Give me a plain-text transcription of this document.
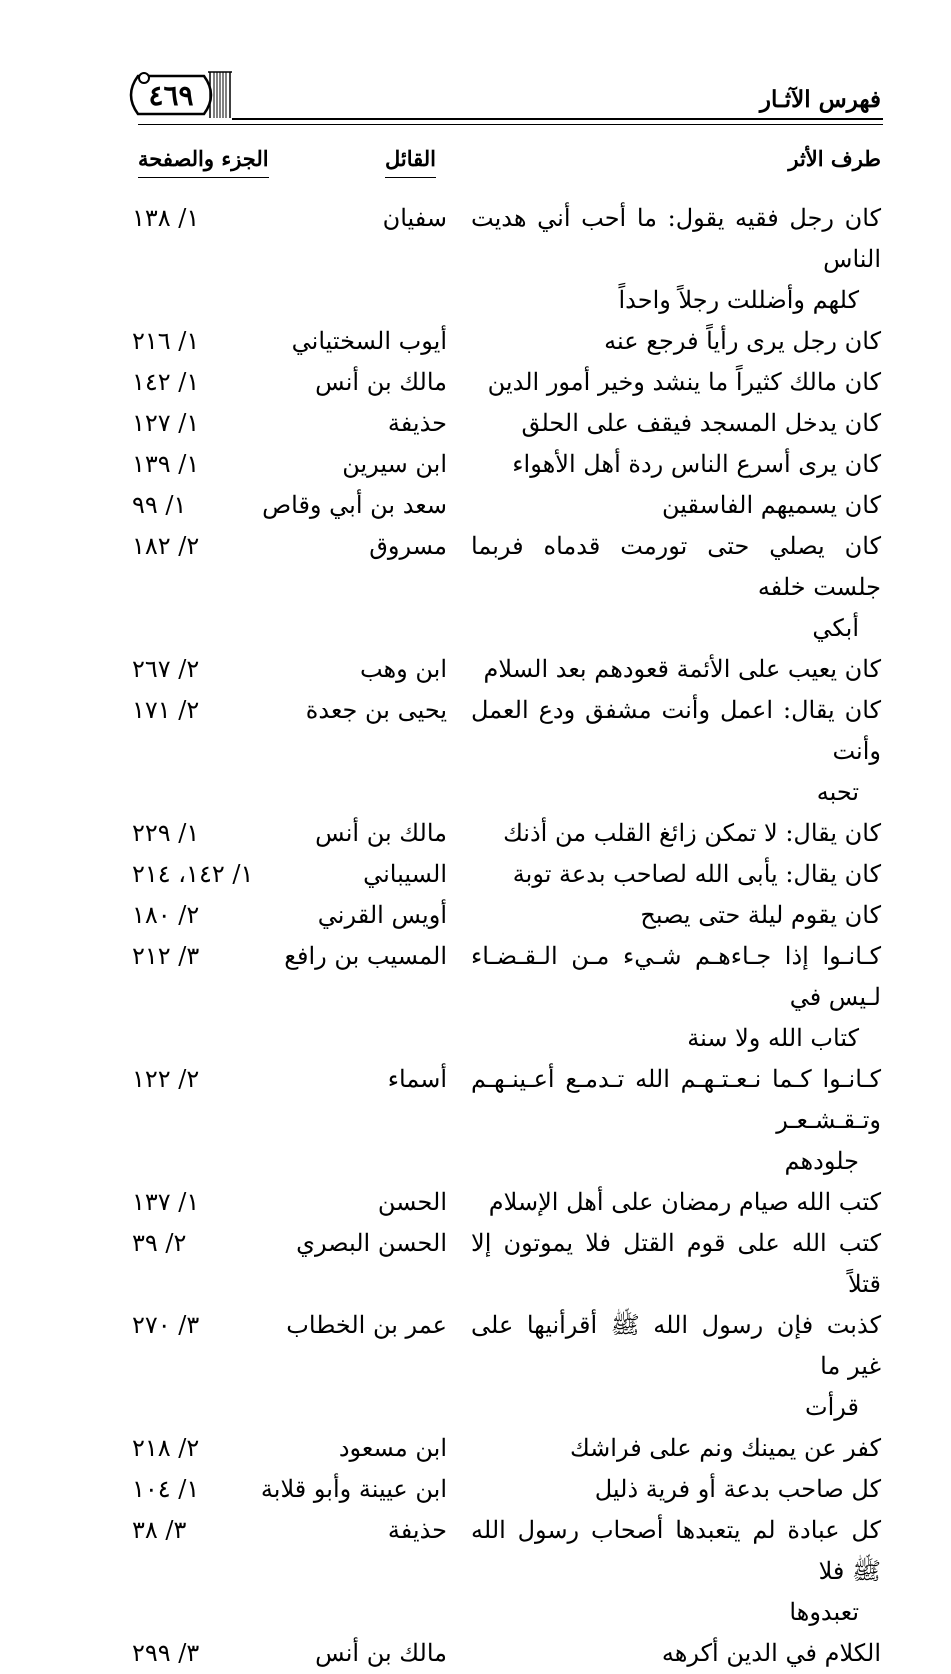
٤٦٩	فهرس الآثـار
طرف الأثر
القائل
الجزء والصفحة
كان رجل فقيه يقول: ما أحب أني هديت الناس
كلهم وأضللت رجلاً واحداً
سفيان
١/ ١٣٨
كان رجل يرى رأياً فرجع عنه
أيوب السختياني
١/ ٢١٦
كان مالك كثيراً ما ينشد وخير أمور الدين
مالك بن أنس
١/ ١٤٢
كان يدخل المسجد فيقف على الحلق
حذيفة
١/ ١٢٧
كان يرى أسرع الناس ردة أهل الأهواء
ابن سيرين
١/ ١٣٩
كان يسميهم الفاسقين
سعد بن أبي وقاص
١/ ٩٩
كان يصلي حتى تورمت قدماه فربما جلست خلفه
أبكي
مسروق
٢/ ١٨٢
كان يعيب على الأئمة قعودهم بعد السلام
ابن وهب
٢/ ٢٦٧
كان يقال: اعمل وأنت مشفق ودع العمل وأنت
تحبه
يحيى بن جعدة
٢/ ١٧١
كان يقال: لا تمكن زائغ القلب من أذنك
مالك بن أنس
١/ ٢٢٩
كان يقال: يأبى الله لصاحب بدعة توبة
السيباني
١/ ١٤٢، ٢١٤
كان يقوم ليلة حتى يصبح
أويس القرني
٢/ ١٨٠
كـانـوا إذا جـاءهـم شـيء مـن الـقـضـاء لـيس في
كتاب الله ولا سنة
المسيب بن رافع
٣/ ٢١٢
كـانـوا كـما نـعـتـهـم الله تـدمـع أعـينـهـم وتـقـشـعـر
جلودهم
أسماء
٢/ ١٢٢
كتب الله صيام رمضان على أهل الإسلام
الحسن
١/ ١٣٧
كتب الله على قوم القتل فلا يموتون إلا قتلاً
الحسن البصري
٢/ ٣٩
كذبت فإن رسول الله ﷺ أقرأنيها على غير ما
قرأت
عمر بن الخطاب
٣/ ٢٧٠
كفر عن يمينك ونم على فراشك
ابن مسعود
٢/ ٢١٨
كل صاحب بدعة أو فرية ذليل
ابن عيينة وأبو قلابة
١/ ١٠٤
كل عبادة لم يتعبدها أصحاب رسول الله ﷺ فلا
تعبدوها
حذيفة
٣/ ٣٨
الكلام في الدين أكرهه
مالك بن أنس
٣/ ٢٩٩
